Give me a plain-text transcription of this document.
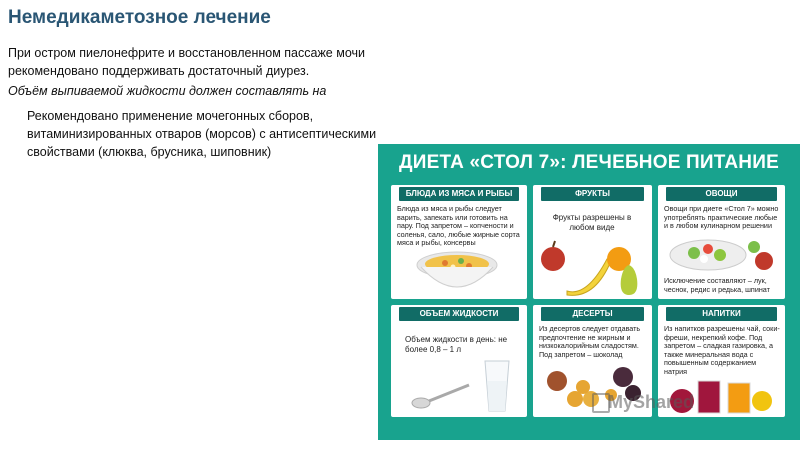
Немедикаметозное лечение
При остром пиелонефрите и восстановленном пассаже мочи рекомендовано поддерживать достаточный диурез.
Объём выпиваемой жидкости должен составлять на
Рекомендовано применение мочегонных сборов, витаминизированных отваров (морсов) с антисептическими свойствами (клюква, брусника, шиповник)	ДИЕТА «СТОЛ 7»: ЛЕЧЕБНОЕ ПИТАНИЕ
БЛЮДА ИЗ МЯСА И РЫБЫ
Блюда из мяса и рыбы следует варить, запекать или готовить на пару. Под запретом – копчености и соленья, сало, любые жирные сорта мяса и рыбы, консервы
ФРУКТЫ
Фрукты разрешены в любом виде
ОВОЩИ
Овощи при диете «Стол 7» можно употреблять практические любые и в любом кулинарном решении
Исключение составляют – лук, чеснок, редис и редька, шпинат
ОБЪЕМ ЖИДКОСТИ
Объем жидкости в день: не более 0,8 – 1 л
ДЕСЕРТЫ
Из десертов следует отдавать предпочтение не жирным и низкокалорийным сладостям. Под запретом – шоколад
НАПИТКИ
Из напитков разрешены чай, соки-фреши, некрепкий кофе. Под запретом – сладкая газировка, а также минеральная вода с повышенным содержанием натрия
MyShared
